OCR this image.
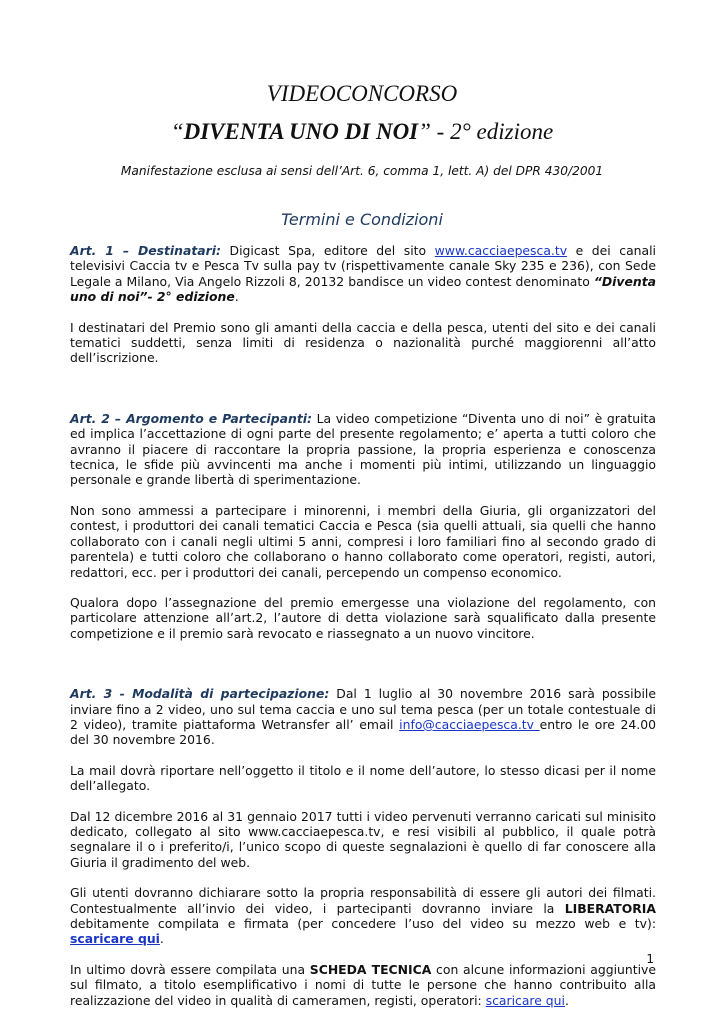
VIDEOCONCORSO
“DIVENTA UNO DI NOI” - 2° edizione
Manifestazione esclusa ai sensi dell’Art. 6, comma 1, lett. A) del DPR 430/2001
Termini e Condizioni

Art. 1 – Destinatari: Digicast Spa, editore del sito www.cacciaepesca.tv e dei canali televisivi Caccia tv e Pesca Tv sulla pay tv (rispettivamente canale Sky 235 e 236), con Sede Legale a Milano, Via Angelo Rizzoli 8, 20132 bandisce un video contest denominato “Diventa uno di noi”- 2° edizione.

I destinatari del Premio sono gli amanti della caccia e della pesca, utenti del sito e dei canali tematici suddetti, senza limiti di residenza o nazionalità purché maggiorenni all’atto dell’iscrizione.

Art. 2 – Argomento e Partecipanti: La video competizione “Diventa uno di noi” è gratuita ed implica l’accettazione di ogni parte del presente regolamento; e’ aperta a tutti coloro che avranno il piacere di raccontare la propria passione, la propria esperienza e conoscenza tecnica, le sfide più avvincenti ma anche i momenti più intimi, utilizzando un linguaggio personale e grande libertà di sperimentazione.

Non sono ammessi a partecipare i minorenni, i membri della Giuria, gli organizzatori del contest, i produttori dei canali tematici Caccia e Pesca (sia quelli attuali, sia quelli che hanno collaborato con i canali negli ultimi 5 anni, compresi i loro familiari fino al secondo grado di parentela) e tutti coloro che collaborano o hanno collaborato come operatori, registi, autori, redattori, ecc. per i produttori dei canali, percependo un compenso economico.

Qualora dopo l’assegnazione del premio emergesse una violazione del regolamento, con particolare attenzione all’art.2, l’autore di detta violazione sarà squalificato dalla presente competizione e il premio sarà revocato e riassegnato a un nuovo vincitore.

Art. 3 - Modalità di partecipazione: Dal 1 luglio al 30 novembre 2016 sarà possibile inviare fino a 2 video, uno sul tema caccia e uno sul tema pesca (per un totale contestuale di 2 video), tramite piattaforma Wetransfer all’ email info@cacciaepesca.tv entro le ore 24.00 del 30 novembre 2016.

La mail dovrà riportare nell’oggetto il titolo e il nome dell’autore, lo stesso dicasi per il nome dell’allegato.

Dal 12 dicembre 2016 al 31 gennaio 2017 tutti i video pervenuti verranno caricati sul minisito dedicato, collegato al sito www.cacciaepesca.tv, e resi visibili al pubblico, il quale potrà segnalare il o i preferito/i, l’unico scopo di queste segnalazioni è quello di far conoscere alla Giuria il gradimento del web.

Gli utenti dovranno dichiarare sotto la propria responsabilità di essere gli autori dei filmati. Contestualmente all’invio dei video, i partecipanti dovranno inviare la LIBERATORIA debitamente compilata e firmata (per concedere l’uso del video su mezzo web e tv): scaricare qui.

In ultimo dovrà essere compilata una SCHEDA TECNICA con alcune informazioni aggiuntive sul filmato, a titolo esemplificativo i nomi di tutte le persone che hanno contribuito alla realizzazione del video in qualità di cameramen, registi, operatori: scaricare qui.

1
